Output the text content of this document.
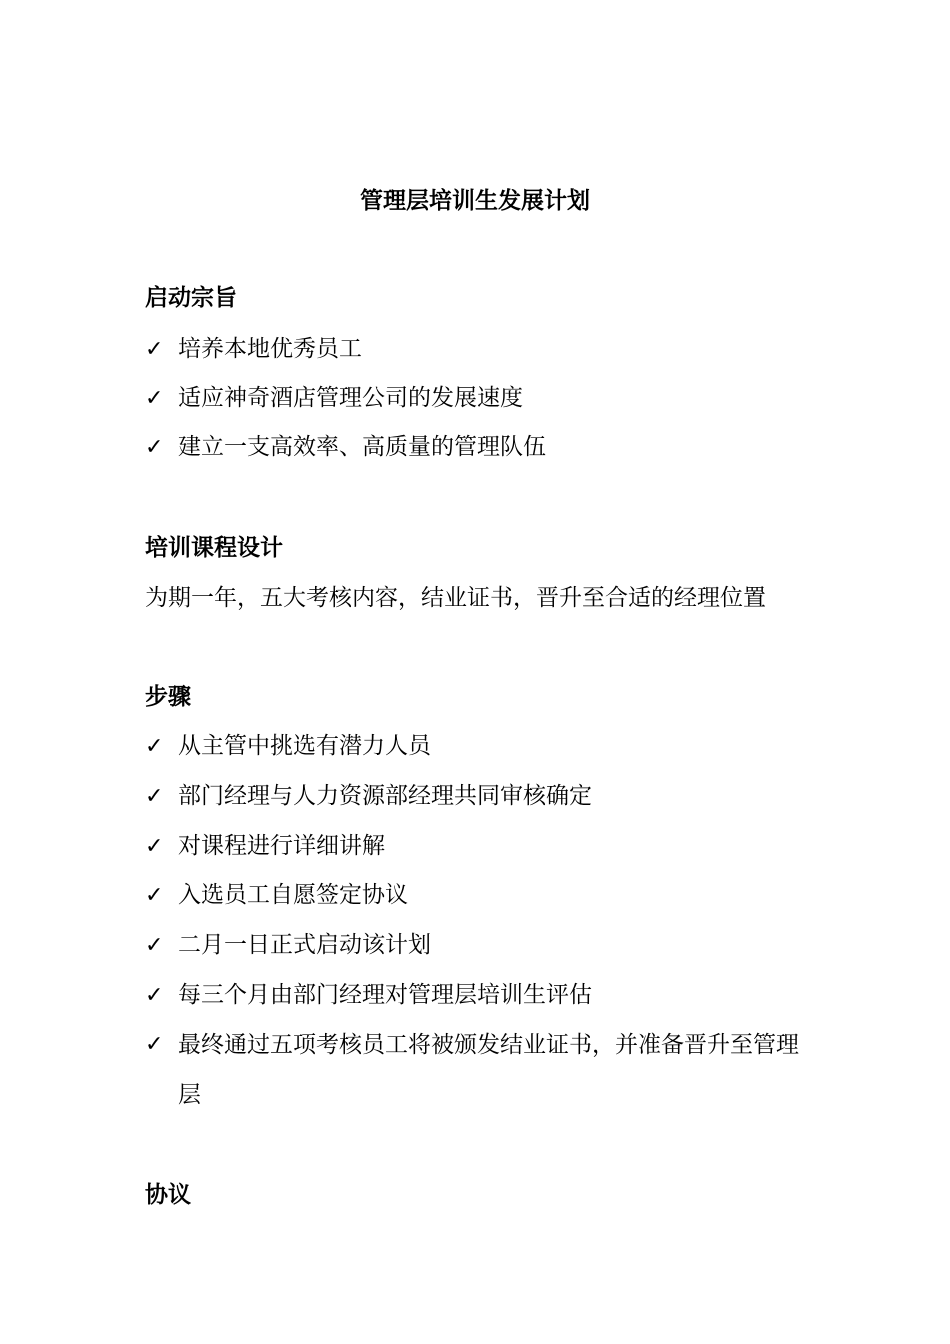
管理层培训生发展计划
启动宗旨
✓ 培养本地优秀员工
✓ 适应神奇酒店管理公司的发展速度
✓ 建立一支高效率、高质量的管理队伍
培训课程设计
为期一年，五大考核内容，结业证书，晋升至合适的经理位置
步骤
✓ 从主管中挑选有潜力人员
✓ 部门经理与人力资源部经理共同审核确定
✓ 对课程进行详细讲解
✓ 入选员工自愿签定协议
✓ 二月一日正式启动该计划
✓ 每三个月由部门经理对管理层培训生评估
✓ 最终通过五项考核员工将被颁发结业证书，并准备晋升至管理层
协议
